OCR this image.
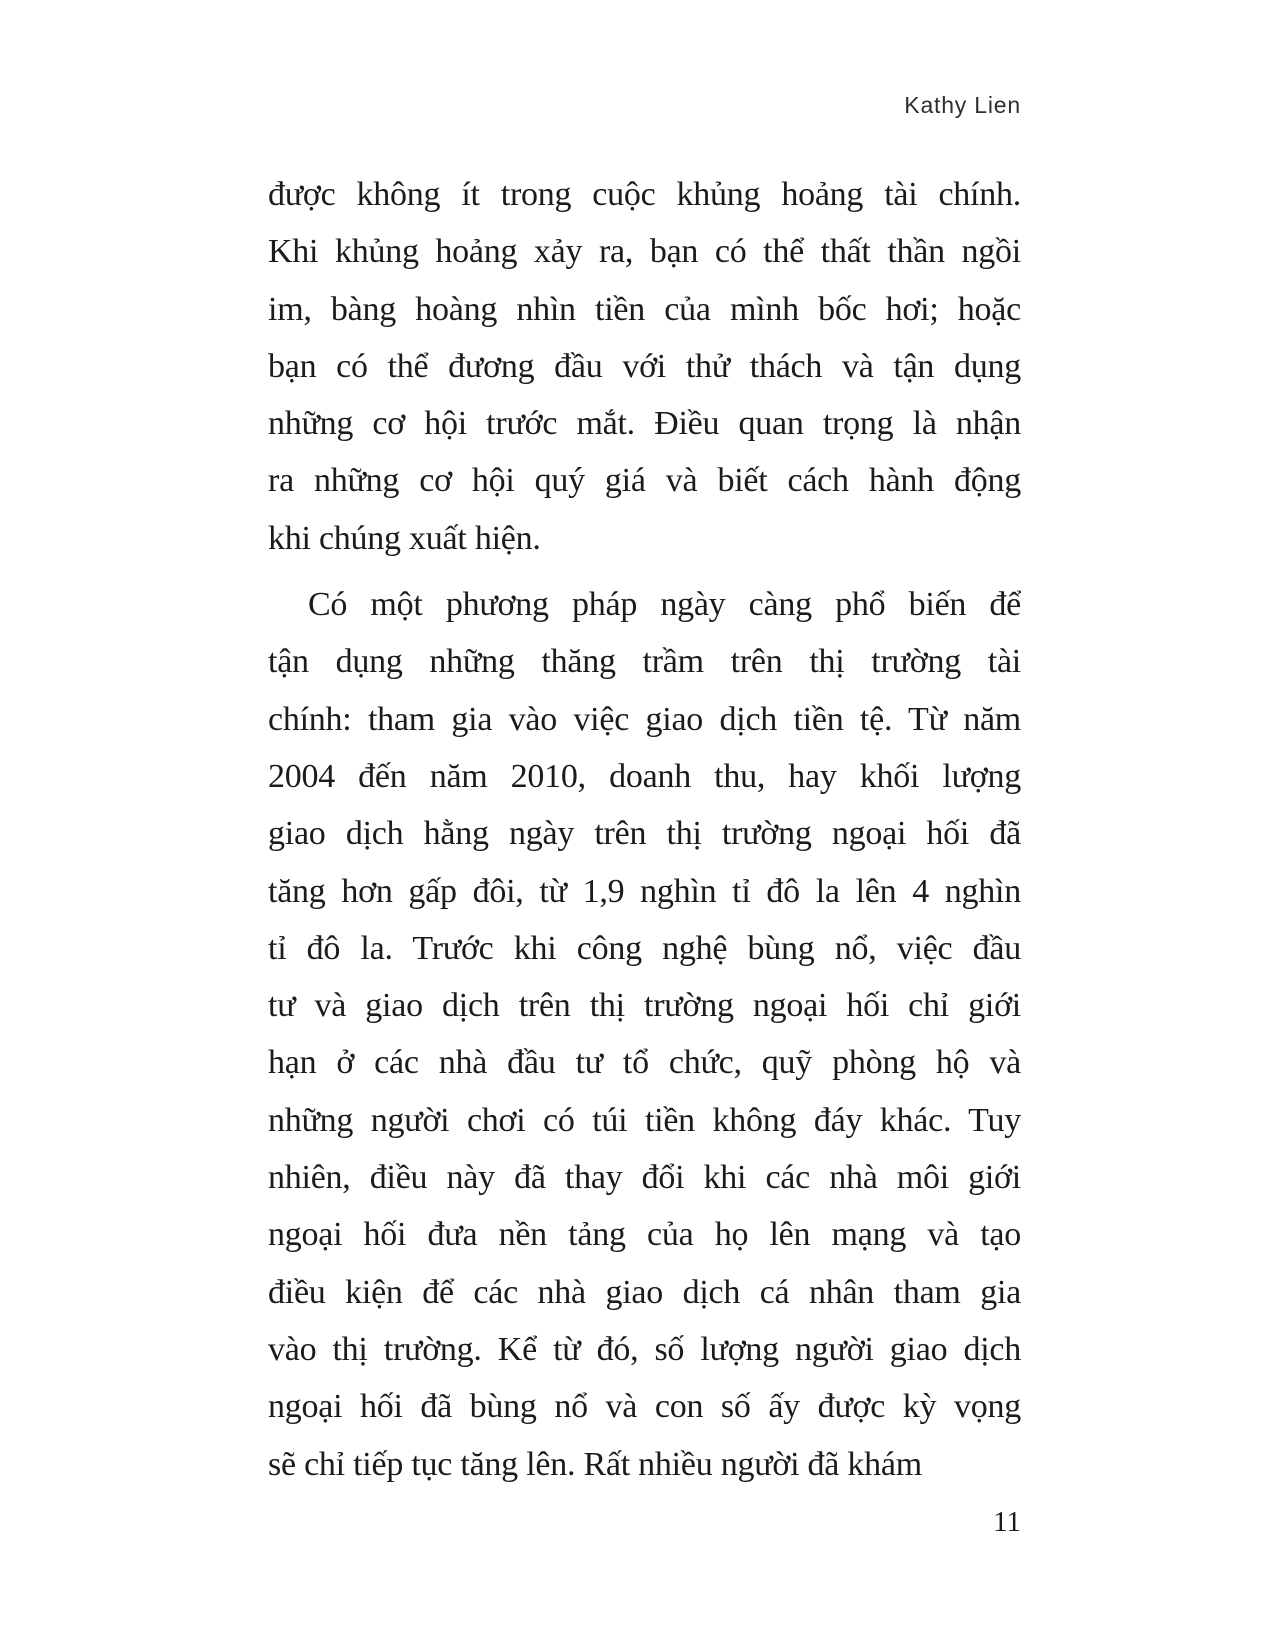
Kathy Lien
được không ít trong cuộc khủng hoảng tài chính.
Khi khủng hoảng xảy ra, bạn có thể thất thần ngồi
im, bàng hoàng nhìn tiền của mình bốc hơi; hoặc
bạn có thể đương đầu với thử thách và tận dụng
những cơ hội trước mắt. Điều quan trọng là nhận
ra những cơ hội quý giá và biết cách hành động
khi chúng xuất hiện.
Có một phương pháp ngày càng phổ biến để
tận dụng những thăng trầm trên thị trường tài
chính: tham gia vào việc giao dịch tiền tệ. Từ năm
2004 đến năm 2010, doanh thu, hay khối lượng
giao dịch hằng ngày trên thị trường ngoại hối đã
tăng hơn gấp đôi, từ 1,9 nghìn tỉ đô la lên 4 nghìn
tỉ đô la. Trước khi công nghệ bùng nổ, việc đầu
tư và giao dịch trên thị trường ngoại hối chỉ giới
hạn ở các nhà đầu tư tổ chức, quỹ phòng hộ và
những người chơi có túi tiền không đáy khác. Tuy
nhiên, điều này đã thay đổi khi các nhà môi giới
ngoại hối đưa nền tảng của họ lên mạng và tạo
điều kiện để các nhà giao dịch cá nhân tham gia
vào thị trường. Kể từ đó, số lượng người giao dịch
ngoại hối đã bùng nổ và con số ấy được kỳ vọng
sẽ chỉ tiếp tục tăng lên. Rất nhiều người đã khám
11
